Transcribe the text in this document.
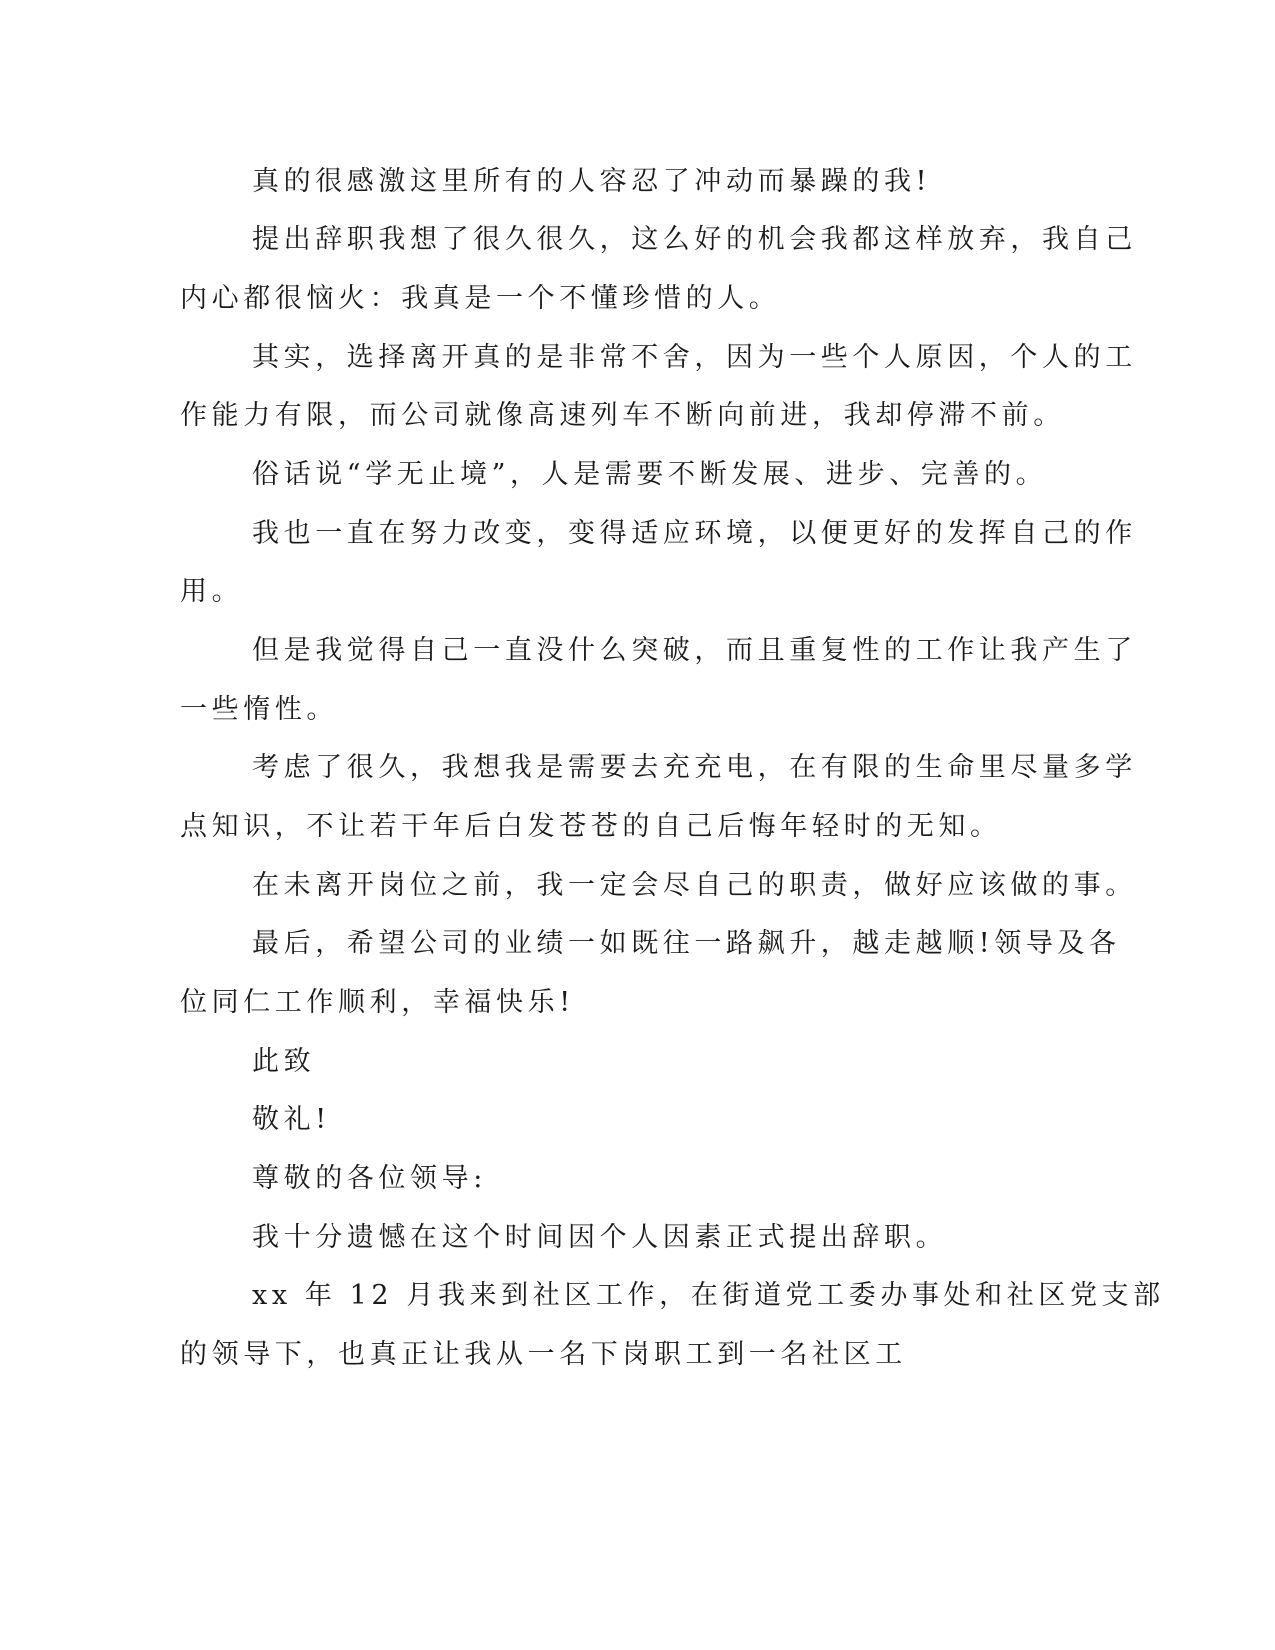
真的很感激这里所有的人容忍了冲动而暴躁的我!
提出辞职我想了很久很久，这么好的机会我都这样放弃，我自己
内心都很恼火：我真是一个不懂珍惜的人。
其实，选择离开真的是非常不舍，因为一些个人原因，个人的工
作能力有限，而公司就像高速列车不断向前进，我却停滞不前。
俗话说“学无止境”，人是需要不断发展、进步、完善的。
我也一直在努力改变，变得适应环境，以便更好的发挥自己的作
用。
但是我觉得自己一直没什么突破，而且重复性的工作让我产生了
一些惰性。
考虑了很久，我想我是需要去充充电，在有限的生命里尽量多学
点知识，不让若干年后白发苍苍的自己后悔年轻时的无知。
在未离开岗位之前，我一定会尽自己的职责，做好应该做的事。
最后，希望公司的业绩一如既往一路飙升，越走越顺!领导及各
位同仁工作顺利，幸福快乐!
此致
敬礼!
尊敬的各位领导:
我十分遗憾在这个时间因个人因素正式提出辞职。
xx 年 12 月我来到社区工作，在街道党工委办事处和社区党支部
的领导下，也真正让我从一名下岗职工到一名社区工
